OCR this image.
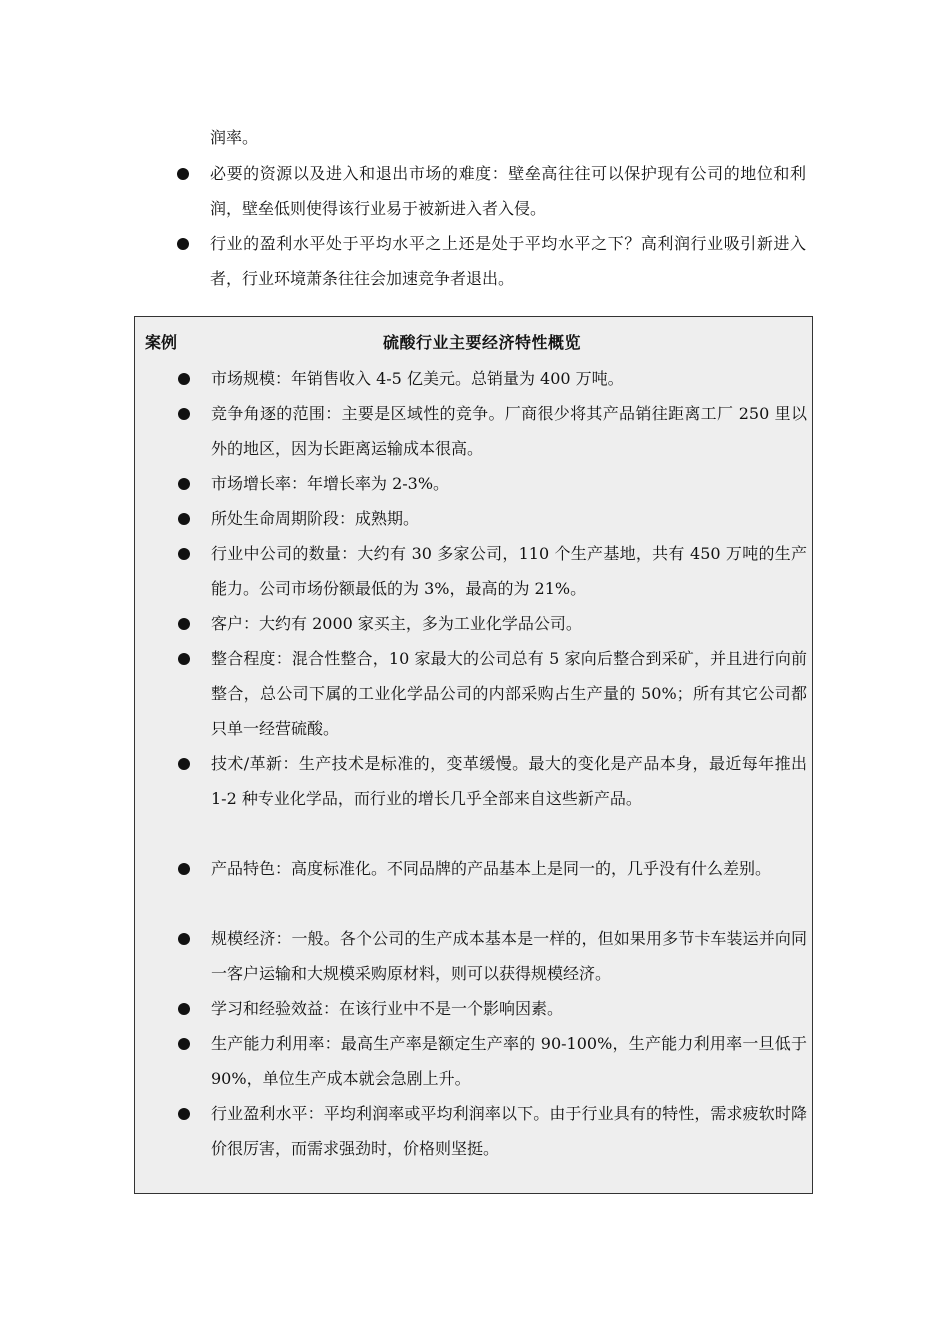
润率。
必要的资源以及进入和退出市场的难度：壁垒高往往可以保护现有公司的地位和利润，壁垒低则使得该行业易于被新进入者入侵。
行业的盈利水平处于平均水平之上还是处于平均水平之下？高利润行业吸引新进入者，行业环境萧条往往会加速竞争者退出。
案例	硫酸行业主要经济特性概览
市场规模：年销售收入 4-5 亿美元。总销量为 400 万吨。
竞争角逐的范围：主要是区域性的竞争。厂商很少将其产品销往距离工厂 250 里以外的地区，因为长距离运输成本很高。
市场增长率：年增长率为 2-3%。
所处生命周期阶段：成熟期。
行业中公司的数量：大约有 30 多家公司，110 个生产基地，共有 450 万吨的生产能力。公司市场份额最低的为 3%，最高的为 21%。
客户：大约有 2000 家买主，多为工业化学品公司。
整合程度：混合性整合，10 家最大的公司总有 5 家向后整合到采矿，并且进行向前整合，总公司下属的工业化学品公司的内部采购占生产量的 50%；所有其它公司都只单一经营硫酸。
技术/革新：生产技术是标准的，变革缓慢。最大的变化是产品本身，最近每年推出 1-2 种专业化学品，而行业的增长几乎全部来自这些新产品。
产品特色：高度标准化。不同品牌的产品基本上是同一的，几乎没有什么差别。
规模经济：一般。各个公司的生产成本基本是一样的，但如果用多节卡车装运并向同一客户运输和大规模采购原材料，则可以获得规模经济。
学习和经验效益：在该行业中不是一个影响因素。
生产能力利用率：最高生产率是额定生产率的 90-100%，生产能力利用率一旦低于 90%，单位生产成本就会急剧上升。
行业盈利水平：平均利润率或平均利润率以下。由于行业具有的特性，需求疲软时降价很厉害，而需求强劲时，价格则坚挺。
